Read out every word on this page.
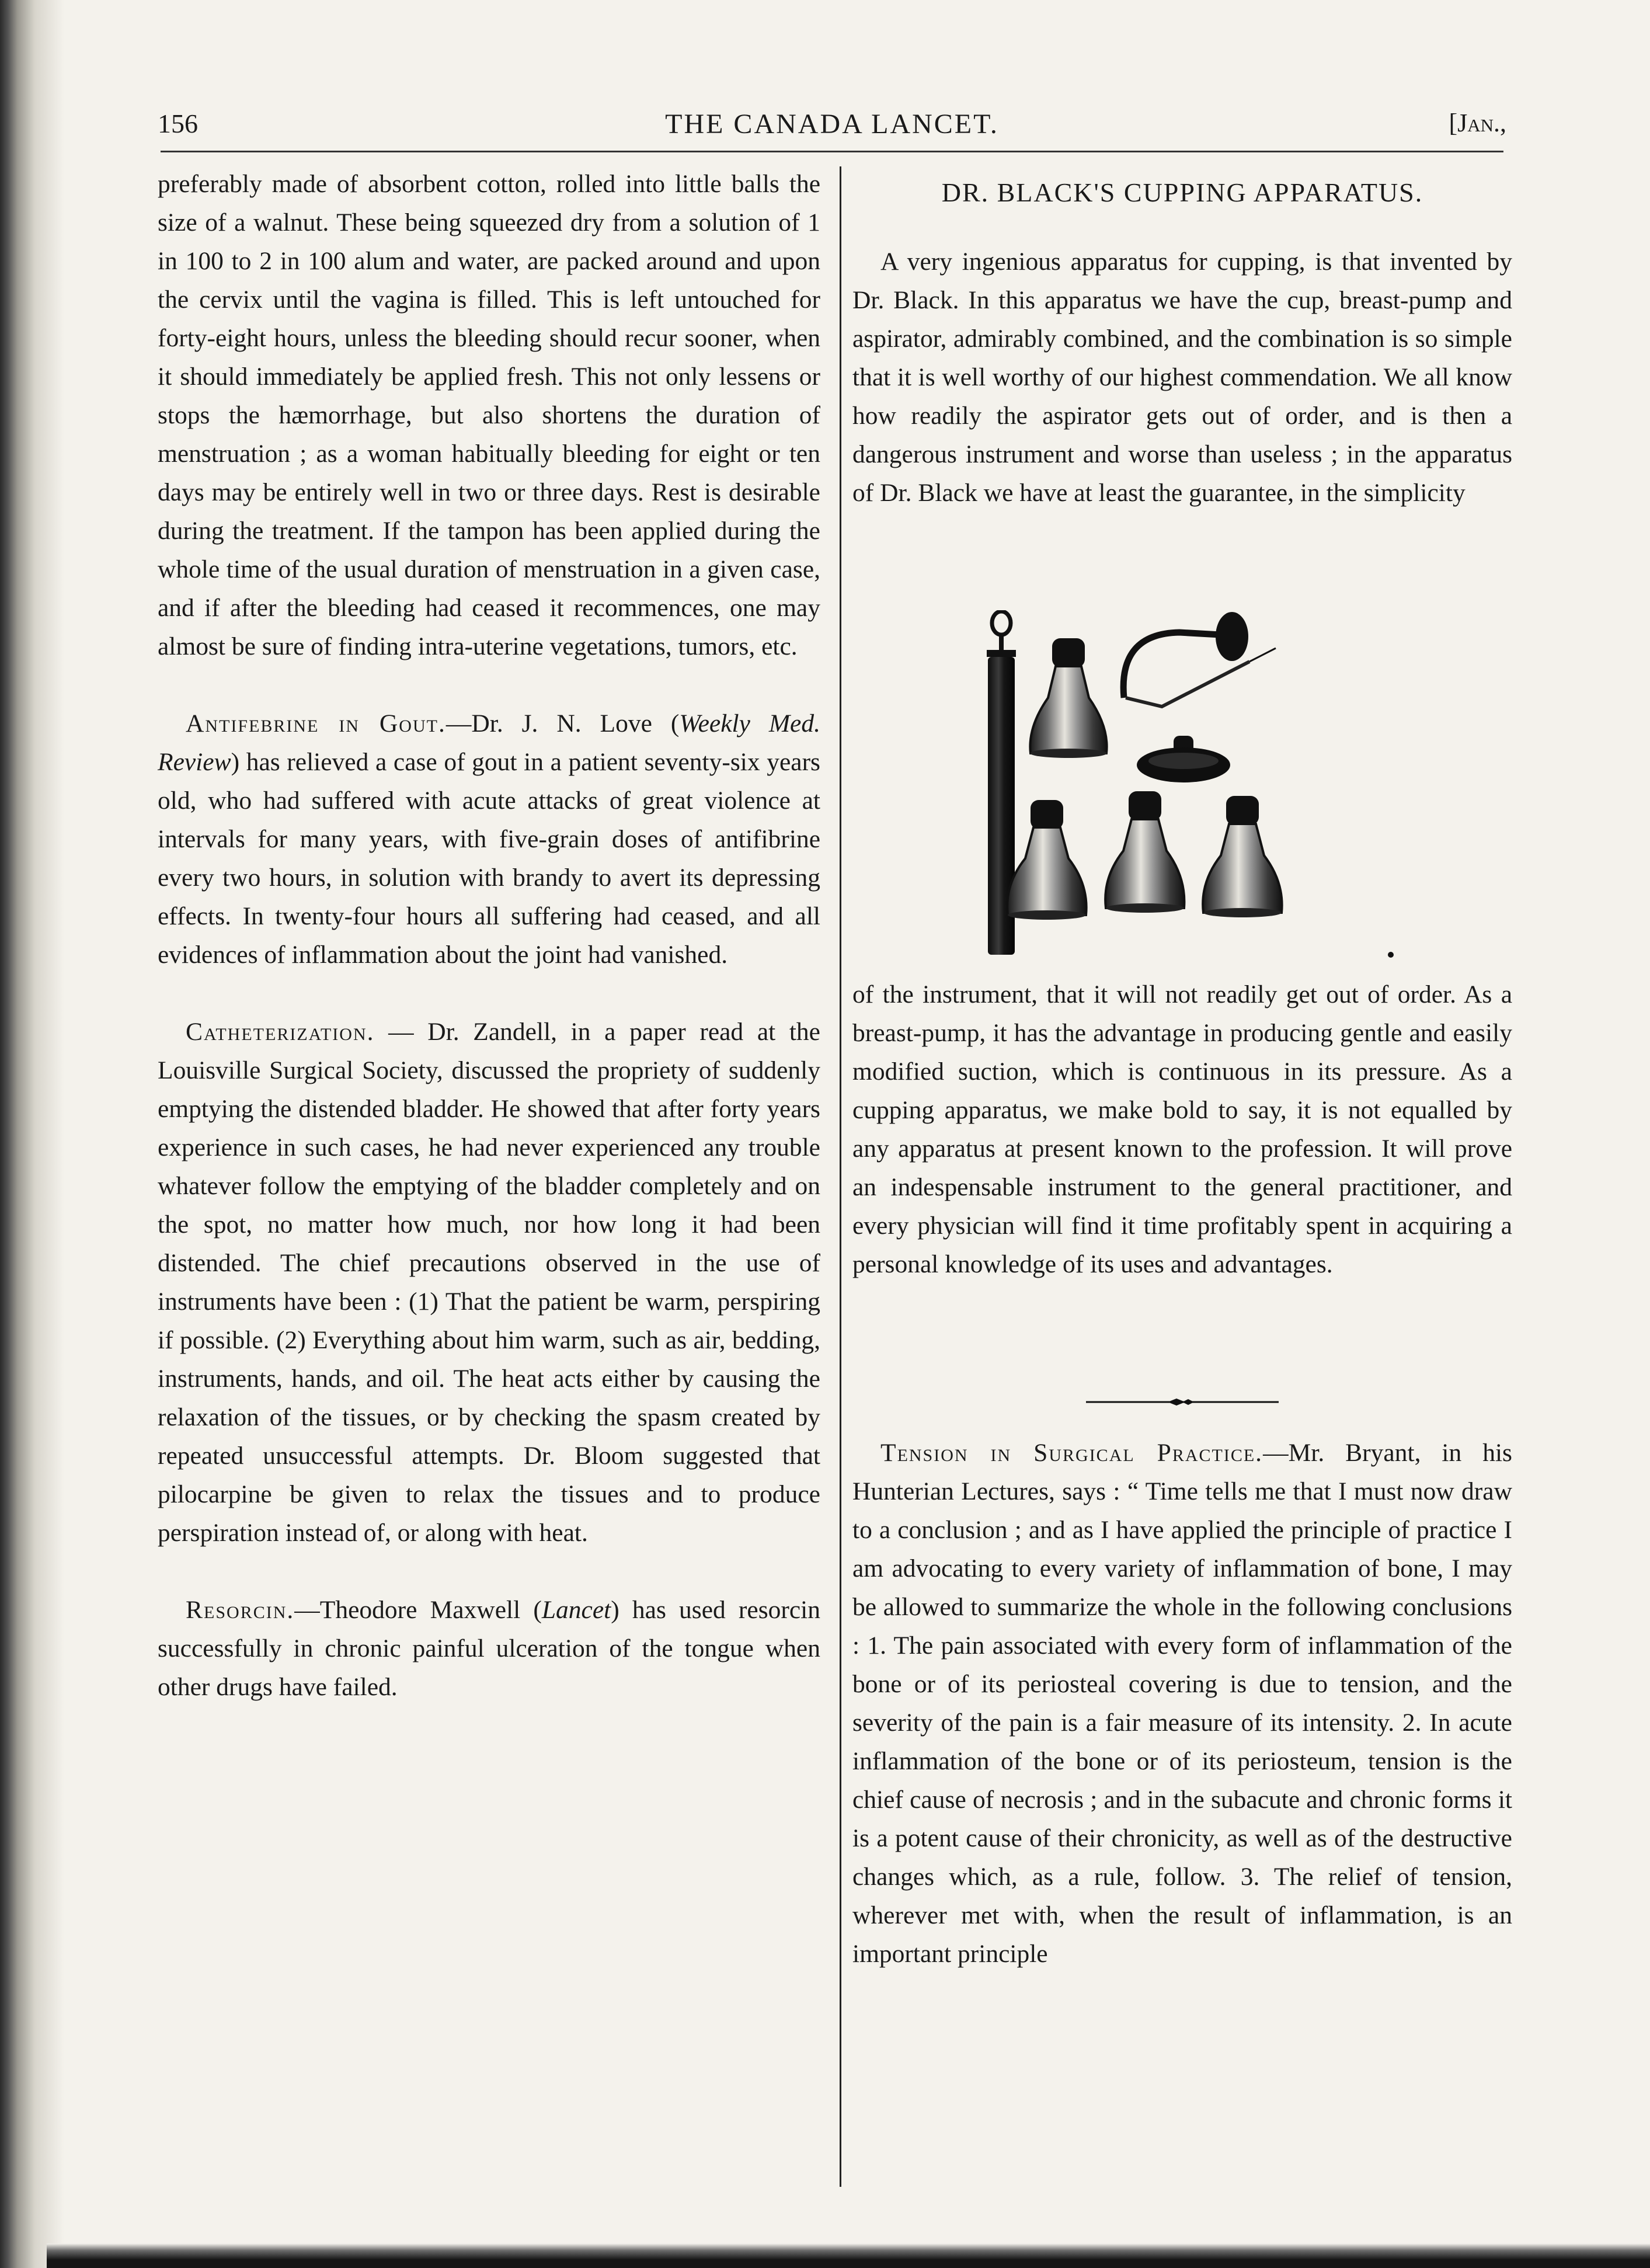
156	THE CANADA LANCET.	[Jan.,

preferably made of absorbent cotton, rolled into little balls the size of a walnut. These being squeezed dry from a solution of 1 in 100 to 2 in 100 alum and water, are packed around and upon the cervix until the vagina is filled. This is left untouched for forty-eight hours, unless the bleeding should recur sooner, when it should immediately be applied fresh. This not only lessens or stops the hæmorrhage, but also shortens the duration of menstruation ; as a woman habitually bleeding for eight or ten days may be entirely well in two or three days. Rest is desirable during the treatment. If the tampon has been applied during the whole time of the usual duration of menstruation in a given case, and if after the bleeding had ceased it recommences, one may almost be sure of finding intra-uterine vegetations, tumors, etc.

Antifebrine in Gout.—Dr. J. N. Love (Weekly Med. Review) has relieved a case of gout in a patient seventy-six years old, who had suffered with acute attacks of great violence at intervals for many years, with five-grain doses of antifibrine every two hours, in solution with brandy to avert its depressing effects. In twenty-four hours all suffering had ceased, and all evidences of inflammation about the joint had vanished.

Catheterization. — Dr. Zandell, in a paper read at the Louisville Surgical Society, discussed the propriety of suddenly emptying the distended bladder. He showed that after forty years experience in such cases, he had never experienced any trouble whatever follow the emptying of the bladder completely and on the spot, no matter how much, nor how long it had been distended. The chief precautions observed in the use of instruments have been : (1) That the patient be warm, perspiring if possible. (2) Everything about him warm, such as air, bedding, instruments, hands, and oil. The heat acts either by causing the relaxation of the tissues, or by checking the spasm created by repeated unsuccessful attempts. Dr. Bloom suggested that pilocarpine be given to relax the tissues and to produce perspiration instead of, or along with heat.

Resorcin.—Theodore Maxwell (Lancet) has used resorcin successfully in chronic painful ulceration of the tongue when other drugs have failed.

DR. BLACK'S CUPPING APPARATUS.

A very ingenious apparatus for cupping, is that invented by Dr. Black. In this apparatus we have the cup, breast-pump and aspirator, admirably combined, and the combination is so simple that it is well worthy of our highest commendation. We all know how readily the aspirator gets out of order, and is then a dangerous instrument and worse than useless ; in the apparatus of Dr. Black we have at least the guarantee, in the simplicity

of the instrument, that it will not readily get out of order. As a breast-pump, it has the advantage in producing gentle and easily modified suction, which is continuous in its pressure. As a cupping apparatus, we make bold to say, it is not equalled by any apparatus at present known to the profession. It will prove an indespensable instrument to the general practitioner, and every physician will find it time profitably spent in acquiring a personal knowledge of its uses and advantages.

Tension in Surgical Practice.—Mr. Bryant, in his Hunterian Lectures, says : “ Time tells me that I must now draw to a conclusion ; and as I have applied the principle of practice I am advocating to every variety of inflammation of bone, I may be allowed to summarize the whole in the following conclusions : 1. The pain associated with every form of inflammation of the bone or of its periosteal covering is due to tension, and the severity of the pain is a fair measure of its intensity. 2. In acute inflammation of the bone or of its periosteum, tension is the chief cause of necrosis ; and in the subacute and chronic forms it is a potent cause of their chronicity, as well as of the destructive changes which, as a rule, follow. 3. The relief of tension, wherever met with, when the result of inflammation, is an important principle
